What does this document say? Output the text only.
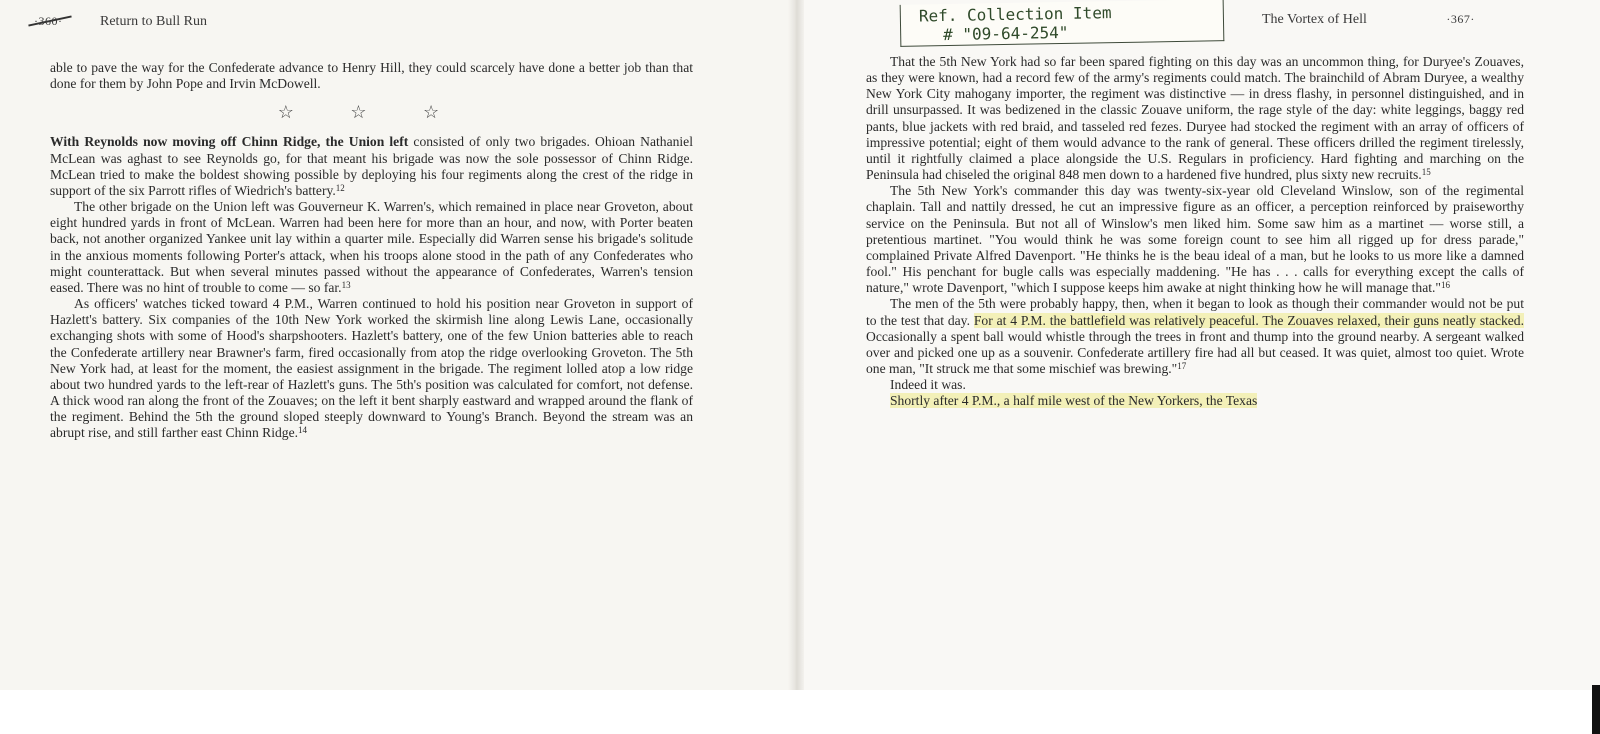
·360·	Return to Bull Run

able to pave the way for the Confederate advance to Henry Hill, they could scarcely have done a better job than that done for them by John Pope and Irvin McDowell.

☆ ☆ ☆

With Reynolds now moving off Chinn Ridge, the Union left consisted of only two brigades. Ohioan Nathaniel McLean was aghast to see Reynolds go, for that meant his brigade was now the sole possessor of Chinn Ridge. McLean tried to make the boldest showing possible by deploying his four regiments along the crest of the ridge in support of the six Parrott rifles of Wiedrich's battery.$^{12}$

The other brigade on the Union left was Gouverneur K. Warren's, which remained in place near Groveton, about eight hundred yards in front of McLean. Warren had been here for more than an hour, and now, with Porter beaten back, not another organized Yankee unit lay within a quarter mile. Especially did Warren sense his brigade's solitude in the anxious moments following Porter's attack, when his troops alone stood in the path of any Confederates who might counterattack. But when several minutes passed without the appearance of Confederates, Warren's tension eased. There was no hint of trouble to come — so far.$^{13}$

As officers' watches ticked toward 4 P.M., Warren continued to hold his position near Groveton in support of Hazlett's battery. Six companies of the 10th New York worked the skirmish line along Lewis Lane, occasionally exchanging shots with some of Hood's sharpshooters. Hazlett's battery, one of the few Union batteries able to reach the Confederate artillery near Brawner's farm, fired occasionally from atop the ridge overlooking Groveton. The 5th New York had, at least for the moment, the easiest assignment in the brigade. The regiment lolled atop a low ridge about two hundred yards to the left-rear of Hazlett's guns. The 5th's position was calculated for comfort, not defense. A thick wood ran along the front of the Zouaves; on the left it bent sharply eastward and wrapped around the flank of the regiment. Behind the 5th the ground sloped steeply downward to Young's Branch. Beyond the stream was an abrupt rise, and still farther east Chinn Ridge.$^{14}$

Ref. Collection Item
# "09-64-254"
The Vortex of Hell	·367·

That the 5th New York had so far been spared fighting on this day was an uncommon thing, for Duryee's Zouaves, as they were known, had a record few of the army's regiments could match. The brainchild of Abram Duryee, a wealthy New York City mahogany importer, the regiment was distinctive — in dress flashy, in personnel distinguished, and in drill unsurpassed. It was bedizened in the classic Zouave uniform, the rage style of the day: white leggings, baggy red pants, blue jackets with red braid, and tasseled red fezes. Duryee had stocked the regiment with an array of officers of impressive potential; eight of them would advance to the rank of general. These officers drilled the regiment tirelessly, until it rightfully claimed a place alongside the U.S. Regulars in proficiency. Hard fighting and marching on the Peninsula had chiseled the original 848 men down to a hardened five hundred, plus sixty new recruits.$^{15}$

The 5th New York's commander this day was twenty-six-year old Cleveland Winslow, son of the regimental chaplain. Tall and nattily dressed, he cut an impressive figure as an officer, a perception reinforced by praiseworthy service on the Peninsula. But not all of Winslow's men liked him. Some saw him as a martinet — worse still, a pretentious martinet. "You would think he was some foreign count to see him all rigged up for dress parade," complained Private Alfred Davenport. "He thinks he is the beau ideal of a man, but he looks to us more like a damned fool." His penchant for bugle calls was especially maddening. "He has . . . calls for everything except the calls of nature," wrote Davenport, "which I suppose keeps him awake at night thinking how he will manage that."$^{16}$

The men of the 5th were probably happy, then, when it began to look as though their commander would not be put to the test that day. For at 4 P.M. the battlefield was relatively peaceful. The Zouaves relaxed, their guns neatly stacked. Occasionally a spent ball would whistle through the trees in front and thump into the ground nearby. A sergeant walked over and picked one up as a souvenir. Confederate artillery fire had all but ceased. It was quiet, almost too quiet. Wrote one man, "It struck me that some mischief was brewing."$^{17}$

Indeed it was.

Shortly after 4 P.M., a half mile west of the New Yorkers, the Texas
